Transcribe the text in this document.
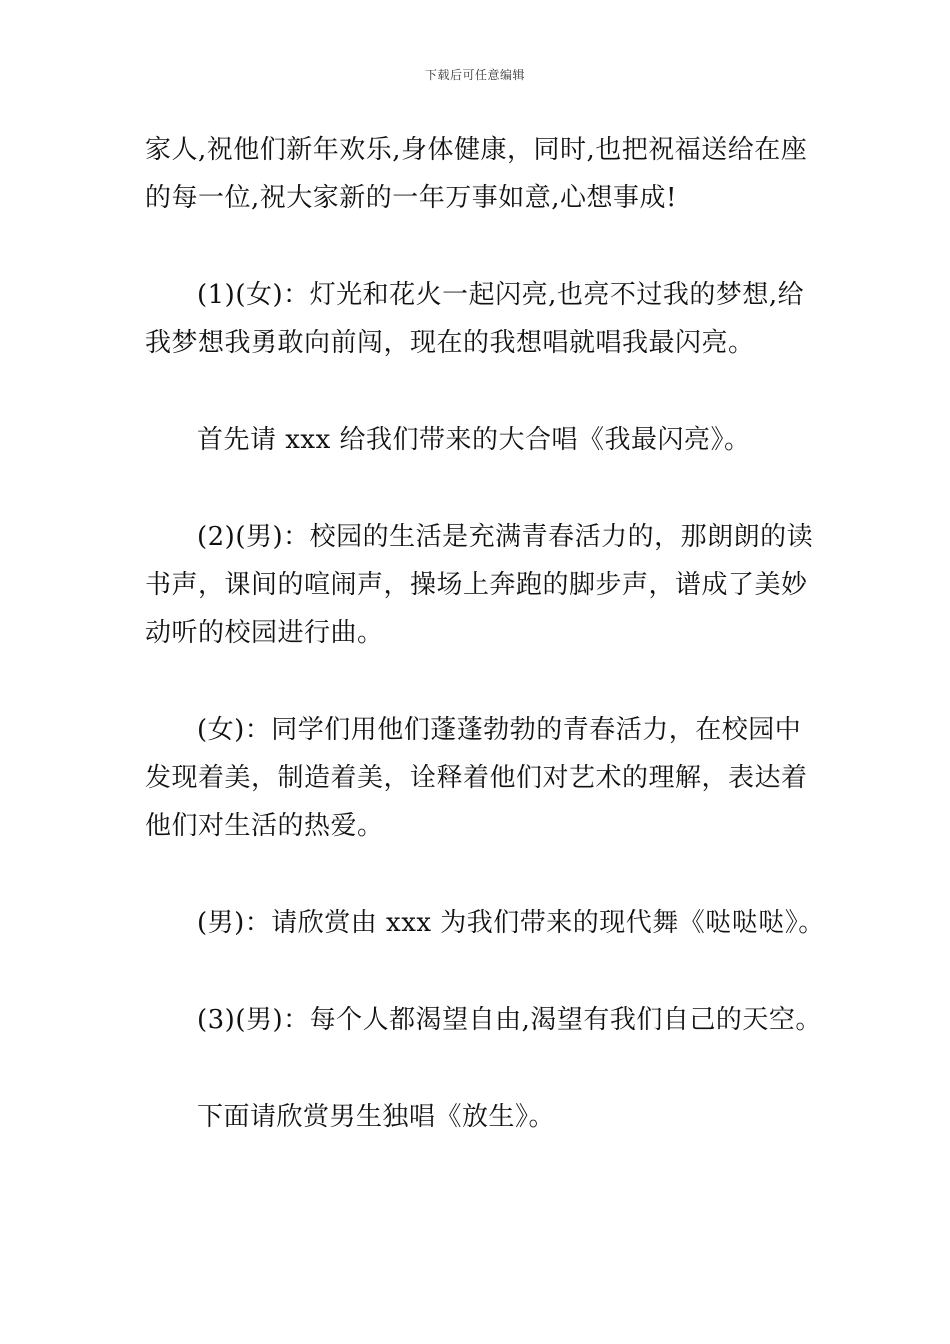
下载后可任意编辑
家人,祝他们新年欢乐,身体健康，同时,也把祝福送给在座
的每一位,祝大家新的一年万事如意,心想事成!
(1)(女)：灯光和花火一起闪亮,也亮不过我的梦想,给
我梦想我勇敢向前闯，现在的我想唱就唱我最闪亮。
首先请 xxx 给我们带来的大合唱《我最闪亮》。
(2)(男)：校园的生活是充满青春活力的，那朗朗的读
书声，课间的喧闹声，操场上奔跑的脚步声，谱成了美妙
动听的校园进行曲。
(女)：同学们用他们蓬蓬勃勃的青春活力，在校园中
发现着美，制造着美，诠释着他们对艺术的理解，表达着
他们对生活的热爱。
(男)：请欣赏由 xxx 为我们带来的现代舞《哒哒哒》。
(3)(男)：每个人都渴望自由,渴望有我们自己的天空。
下面请欣赏男生独唱《放生》。
